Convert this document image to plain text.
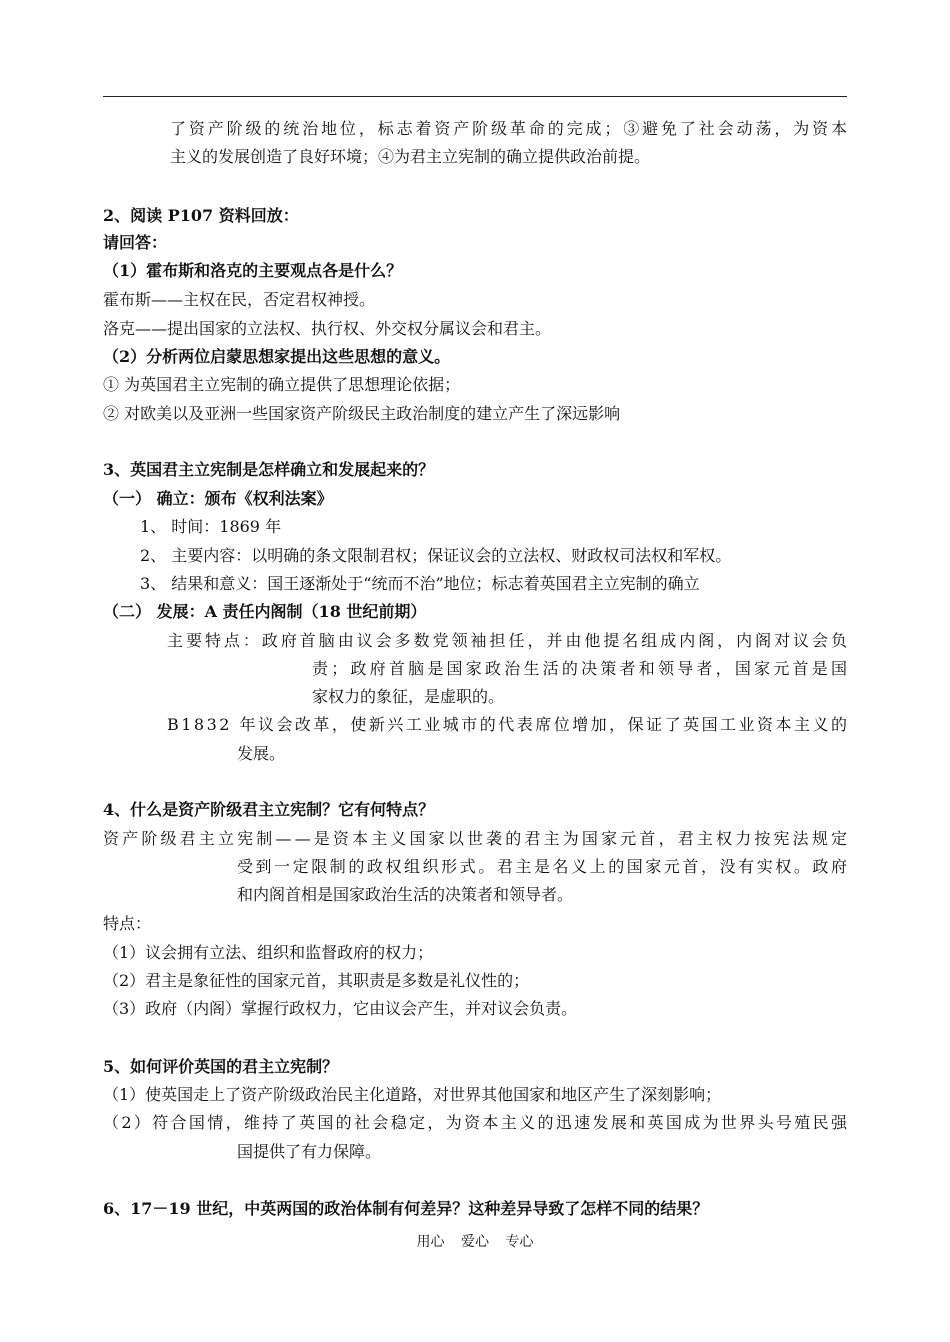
了资产阶级的统治地位，标志着资产阶级革命的完成；③避免了社会动荡，为资本
主义的发展创造了良好环境；④为君主立宪制的确立提供政治前提。
2、阅读 P107 资料回放：
请回答：
（1）霍布斯和洛克的主要观点各是什么？
霍布斯——主权在民，否定君权神授。
洛克——提出国家的立法权、执行权、外交权分属议会和君主。
（2）分析两位启蒙思想家提出这些思想的意义。
① 为英国君主立宪制的确立提供了思想理论依据；
② 对欧美以及亚洲一些国家资产阶级民主政治制度的建立产生了深远影响
3、英国君主立宪制是怎样确立和发展起来的？
（一） 确立：颁布《权利法案》
1、 时间：1869 年
2、 主要内容：以明确的条文限制君权；保证议会的立法权、财政权司法权和军权。
3、 结果和意义：国王逐渐处于“统而不治”地位；标志着英国君主立宪制的确立
（二） 发展：A 责任内阁制（18 世纪前期）
主要特点：政府首脑由议会多数党领袖担任，并由他提名组成内阁，内阁对议会负
责；政府首脑是国家政治生活的决策者和领导者，国家元首是国
家权力的象征，是虚职的。
B1832 年议会改革，使新兴工业城市的代表席位增加，保证了英国工业资本主义的
发展。
4、什么是资产阶级君主立宪制？它有何特点？
资产阶级君主立宪制——是资本主义国家以世袭的君主为国家元首，君主权力按宪法规定
受到一定限制的政权组织形式。君主是名义上的国家元首，没有实权。政府
和内阁首相是国家政治生活的决策者和领导者。
特点：
（1）议会拥有立法、组织和监督政府的权力；
（2）君主是象征性的国家元首，其职责是多数是礼仪性的；
（3）政府（内阁）掌握行政权力，它由议会产生，并对议会负责。
5、如何评价英国的君主立宪制？
（1）使英国走上了资产阶级政治民主化道路，对世界其他国家和地区产生了深刻影响；
（2）符合国情，维持了英国的社会稳定，为资本主义的迅速发展和英国成为世界头号殖民强
国提供了有力保障。
6、17－19 世纪，中英两国的政治体制有何差异？这种差异导致了怎样不同的结果？
用心 爱心 专心
